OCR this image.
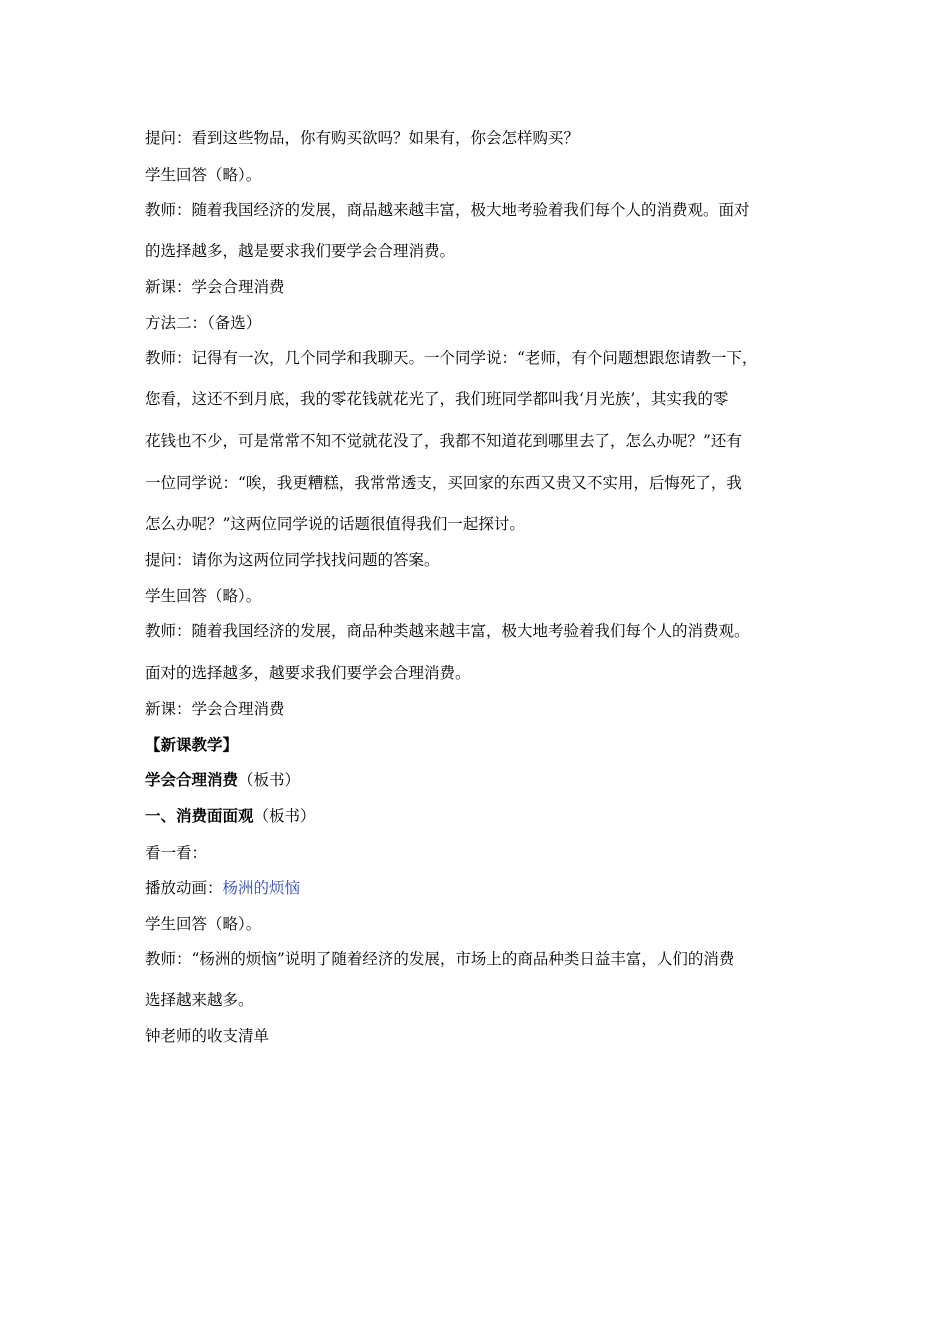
提问：看到这些物品，你有购买欲吗？如果有，你会怎样购买？
学生回答（略）。
教师：随着我国经济的发展，商品越来越丰富，极大地考验着我们每个人的消费观。面对
的选择越多，越是要求我们要学会合理消费。
新课：学会合理消费
方法二：（备选）
教师：记得有一次，几个同学和我聊天。一个同学说：“老师，有个问题想跟您请教一下，
您看，这还不到月底，我的零花钱就花光了，我们班同学都叫我‘月光族’，其实我的零
花钱也不少，可是常常不知不觉就花没了，我都不知道花到哪里去了，怎么办呢？”还有
一位同学说：“唉，我更糟糕，我常常透支，买回家的东西又贵又不实用，后悔死了，我
怎么办呢？”这两位同学说的话题很值得我们一起探讨。
提问：请你为这两位同学找找问题的答案。
学生回答（略）。
教师：随着我国经济的发展，商品种类越来越丰富，极大地考验着我们每个人的消费观。
面对的选择越多，越要求我们要学会合理消费。
新课：学会合理消费
【新课教学】
学会合理消费（板书）
一、消费面面观（板书）
看一看：
播放动画：杨洲的烦恼
学生回答（略）。
教师：“杨洲的烦恼”说明了随着经济的发展，市场上的商品种类日益丰富，人们的消费
选择越来越多。
钟老师的收支清单
